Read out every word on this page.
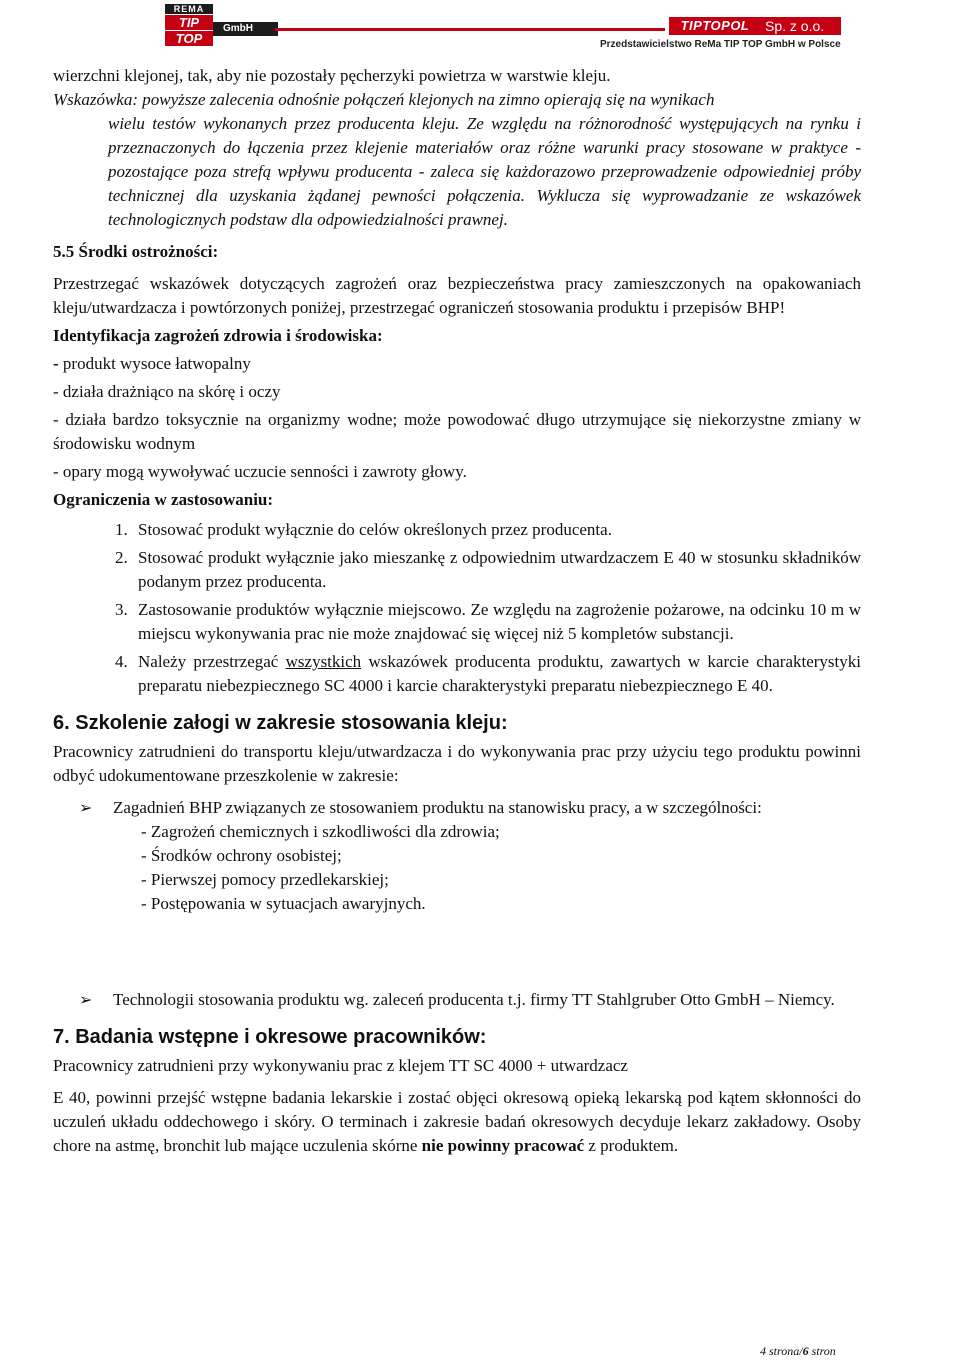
REMA
TIP
TOP
GmbH	TIPTOPOL	Sp. z o.o.
Przedstawicielstwo ReMa TIP TOP GmbH w Polsce

wierzchni klejonej, tak, aby nie pozostały pęcherzyki powietrza w warstwie kleju.

Wskazówka: powyższe zalecenia odnośnie połączeń klejonych na zimno opierają się na wynikach

wielu testów wykonanych przez producenta kleju. Ze względu na różnorodność występujących na rynku i przeznaczonych do łączenia przez klejenie materiałów oraz różne warunki pracy stosowane w praktyce - pozostające poza strefą wpływu producenta - zaleca się każdorazowo przeprowadzenie odpowiedniej próby technicznej dla uzyskania żądanej pewności połączenia. Wyklucza się wyprowadzanie ze wskazówek technologicznych podstaw dla odpowiedzialności prawnej.

5.5 Środki ostrożności:

Przestrzegać wskazówek dotyczących zagrożeń oraz bezpieczeństwa pracy zamieszczonych na opakowaniach kleju/utwardzacza i powtórzonych poniżej, przestrzegać ograniczeń stosowania produktu i przepisów BHP!

Identyfikacja zagrożeń zdrowia i środowiska:

- produkt wysoce łatwopalny

- działa drażniąco na skórę i oczy

- działa bardzo toksycznie na organizmy wodne; może powodować długo utrzymujące się niekorzystne zmiany w środowisku wodnym

- opary mogą wywoływać uczucie senności i zawroty głowy.

Ograniczenia w zastosowaniu:

1. Stosować produkt wyłącznie do celów określonych przez producenta.
2. Stosować produkt wyłącznie jako mieszankę z odpowiednim utwardzaczem E 40 w stosunku składników podanym przez producenta.
3. Zastosowanie produktów wyłącznie miejscowo. Ze względu na zagrożenie pożarowe, na odcinku 10 m w miejscu wykonywania prac nie może znajdować się więcej niż 5 kompletów substancji.
4. Należy przestrzegać wszystkich wskazówek producenta produktu, zawartych w karcie charakterystyki preparatu niebezpiecznego SC 4000 i karcie charakterystyki preparatu niebezpiecznego E 40.
6. Szkolenie załogi w zakresie stosowania kleju:

Pracownicy zatrudnieni do transportu kleju/utwardzacza i do wykonywania prac przy użyciu tego produktu powinni odbyć udokumentowane przeszkolenie w zakresie:

➢ Zagadnień BHP związanych ze stosowaniem produktu na stanowisku pracy, a w szczególności:
- Zagrożeń chemicznych i szkodliwości dla zdrowia;
- Środków ochrony osobistej;
- Pierwszej pomocy przedlekarskiej;
- Postępowania w sytuacjach awaryjnych.
➢ Technologii stosowania produktu wg. zaleceń producenta t.j. firmy TT Stahlgruber Otto GmbH – Niemcy.
7. Badania wstępne i okresowe pracowników:

Pracownicy zatrudnieni przy wykonywaniu prac z klejem TT SC 4000 + utwardzacz

E 40, powinni przejść wstępne badania lekarskie i zostać objęci okresową opieką lekarską pod kątem skłonności do uczuleń układu oddechowego i skóry. O terminach i zakresie badań okresowych decyduje lekarz zakładowy. Osoby chore na astmę, bronchit lub mające uczulenia skórne nie powinny pracować z produktem.

4 strona/6 stron
